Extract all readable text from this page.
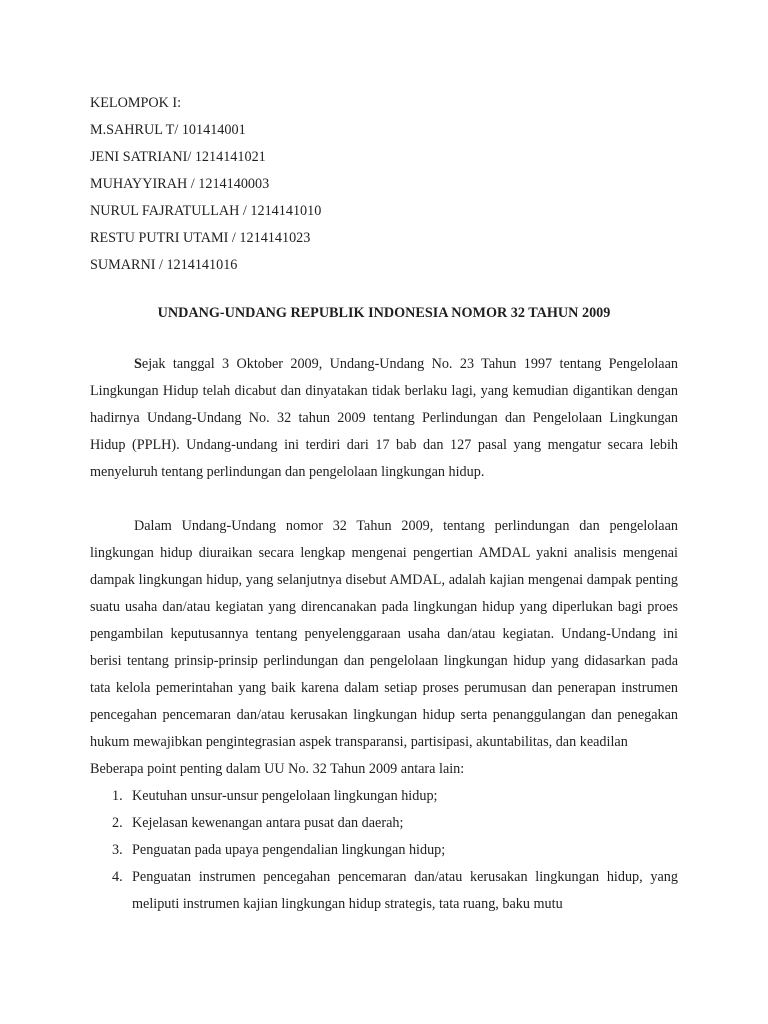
KELOMPOK I:
M.SAHRUL T/ 101414001
JENI SATRIANI/ 1214141021
MUHAYYIRAH / 1214140003
NURUL FAJRATULLAH / 1214141010
RESTU PUTRI UTAMI / 1214141023
SUMARNI / 1214141016
UNDANG-UNDANG REPUBLIK INDONESIA NOMOR 32 TAHUN 2009

Sejak tanggal 3 Oktober 2009, Undang-Undang No. 23 Tahun 1997 tentang Pengelolaan Lingkungan Hidup telah dicabut dan dinyatakan tidak berlaku lagi, yang kemudian digantikan dengan hadirnya Undang-Undang No. 32 tahun 2009 tentang Perlindungan dan Pengelolaan Lingkungan Hidup (PPLH). Undang-undang ini terdiri dari 17 bab dan 127 pasal yang mengatur secara lebih menyeluruh tentang perlindungan dan pengelolaan lingkungan hidup.

Dalam Undang-Undang nomor 32 Tahun 2009, tentang perlindungan dan pengelolaan lingkungan hidup diuraikan secara lengkap mengenai pengertian AMDAL yakni analisis mengenai dampak lingkungan hidup, yang selanjutnya disebut AMDAL, adalah kajian mengenai dampak penting suatu usaha dan/atau kegiatan yang direncanakan pada lingkungan hidup yang diperlukan bagi proes pengambilan keputusannya tentang penyelenggaraan usaha dan/atau kegiatan. Undang-Undang ini berisi tentang prinsip-prinsip perlindungan dan pengelolaan lingkungan hidup yang didasarkan pada tata kelola pemerintahan yang baik karena dalam setiap proses perumusan dan penerapan instrumen pencegahan pencemaran dan/atau kerusakan lingkungan hidup serta penanggulangan dan penegakan hukum mewajibkan pengintegrasian aspek transparansi, partisipasi, akuntabilitas, dan keadilan

Beberapa point penting dalam UU No. 32 Tahun 2009 antara lain:
1. Keutuhan unsur-unsur pengelolaan lingkungan hidup;
2. Kejelasan kewenangan antara pusat dan daerah;
3. Penguatan pada upaya pengendalian lingkungan hidup;
4. Penguatan instrumen pencegahan pencemaran dan/atau kerusakan lingkungan hidup, yang meliputi instrumen kajian lingkungan hidup strategis, tata ruang, baku mutu
